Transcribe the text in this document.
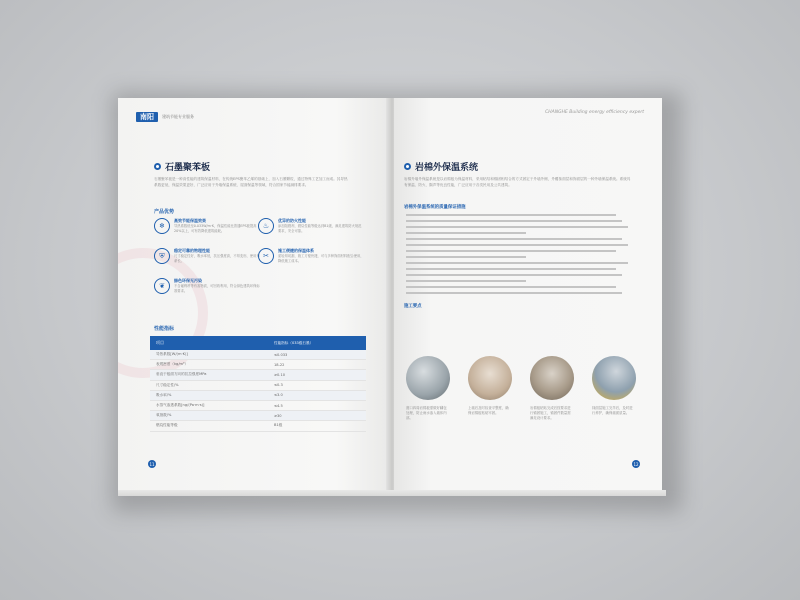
南阳	建筑节能专业服务
石墨聚苯板
石墨聚苯板是一种高性能的建筑保温材料，在传统EPS聚苯乙烯的基础上，加入石墨颗粒，通过特殊工艺加工而成。其导热系数更低，保温效果更好，广泛应用于外墙保温系统、屋面保温等领域，符合国家节能减排要求。
产品优势
❄
高效节能保温效果
导热系数低至0.033W/m·K，保温性能比普通EPS板提高20%以上，可有效降低建筑能耗。
♨
优异的防火性能
添加阻燃剂，燃烧性能等级达到B1级，满足建筑防火规范要求，安全可靠。
⛨
稳定可靠的物理性能
尺寸稳定性好，吸水率低，抗压强度高，不易变形，使用寿命长。
✂
施工便捷的保温体系
质轻易切割，施工方便快捷，可与多种饰面材料配合使用，降低施工成本。
❦
绿色环保无污染
不含氟利昂等有害物质，可回收利用，符合绿色建筑环保标准要求。
性能指标
项目	性能指标（033级石墨）
导热系数[W/(m·K)]	≤0.033
表观密度（kg/m³）	18-22
垂直于板面方向的抗拉强度MPa	≥0.10
尺寸稳定性/%	≤0.3
吸水率/%	≤3.0
水蒸气渗透系数[ng/(Pa·m·s)]	≤4.5
氧指数/%	≥30
燃烧性能等级	B1级
11
CHANGHE Building energy efficiency expert
岩棉外保温系统
岩棉外墙外保温系统是以岩棉板为保温材料，采用粘结和锚固相结合的方式固定于外墙外侧，外覆抹面层和饰面层的一种外墙保温系统。系统具有保温、防火、隔声等优良性能，广泛应用于各类民用及公共建筑。
岩棉外保温系统的质量保证措施
施工要点
窗口四周岩棉板需做好翻包处理，防止雨水渗入墙体内部。
上墙后及时检查平整度，确保岩棉板粘贴牢固。
岩棉板粘贴完成后按要求进行锚固施工，锚固件数量需满足设计要求。
抹面层施工完毕后，及时进行养护，确保墙面质量。
12
